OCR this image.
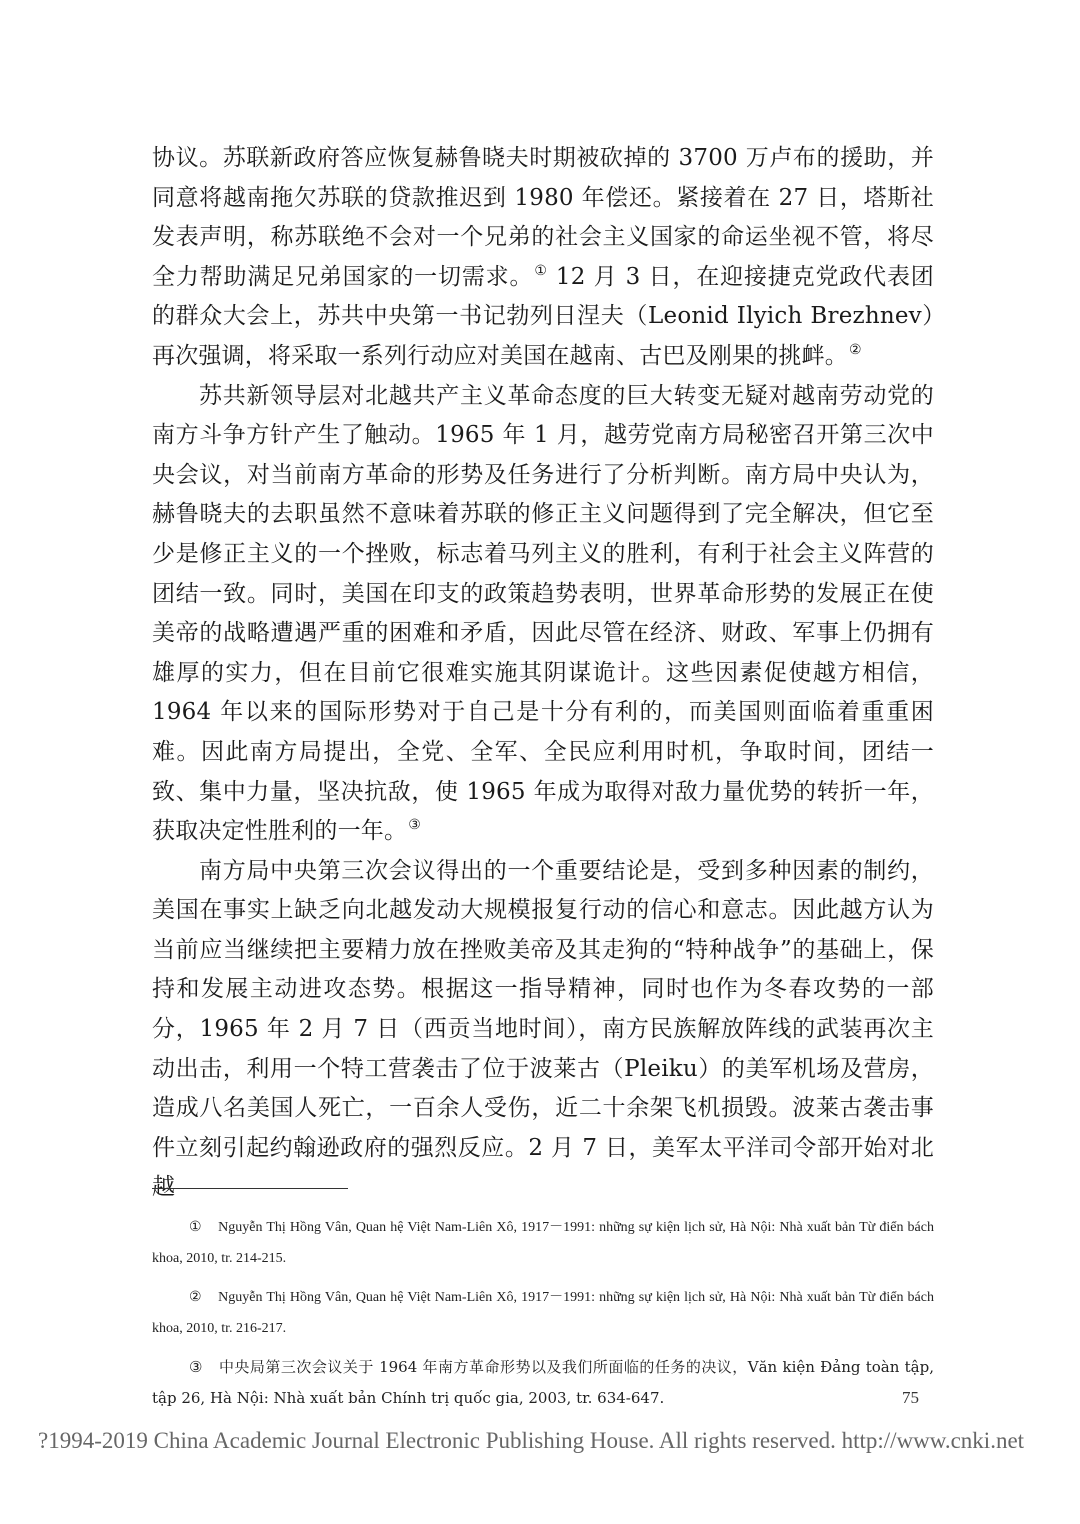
协议。苏联新政府答应恢复赫鲁晓夫时期被砍掉的 3700 万卢布的援助，并同意将越南拖欠苏联的贷款推迟到 1980 年偿还。紧接着在 27 日，塔斯社发表声明，称苏联绝不会对一个兄弟的社会主义国家的命运坐视不管，将尽全力帮助满足兄弟国家的一切需求。① 12 月 3 日，在迎接捷克党政代表团的群众大会上，苏共中央第一书记勃列日涅夫（Leonid Ilyich Brezhnev）再次强调，将采取一系列行动应对美国在越南、古巴及刚果的挑衅。②

苏共新领导层对北越共产主义革命态度的巨大转变无疑对越南劳动党的南方斗争方针产生了触动。1965 年 1 月，越劳党南方局秘密召开第三次中央会议，对当前南方革命的形势及任务进行了分析判断。南方局中央认为，赫鲁晓夫的去职虽然不意味着苏联的修正主义问题得到了完全解决，但它至少是修正主义的一个挫败，标志着马列主义的胜利，有利于社会主义阵营的团结一致。同时，美国在印支的政策趋势表明，世界革命形势的发展正在使美帝的战略遭遇严重的困难和矛盾，因此尽管在经济、财政、军事上仍拥有雄厚的实力，但在目前它很难实施其阴谋诡计。这些因素促使越方相信，1964 年以来的国际形势对于自己是十分有利的，而美国则面临着重重困难。因此南方局提出，全党、全军、全民应利用时机，争取时间，团结一致、集中力量，坚决抗敌，使 1965 年成为取得对敌力量优势的转折一年，获取决定性胜利的一年。③

南方局中央第三次会议得出的一个重要结论是，受到多种因素的制约，美国在事实上缺乏向北越发动大规模报复行动的信心和意志。因此越方认为当前应当继续把主要精力放在挫败美帝及其走狗的“特种战争”的基础上，保持和发展主动进攻态势。根据这一指导精神，同时也作为冬春攻势的一部分，1965 年 2 月 7 日（西贡当地时间），南方民族解放阵线的武装再次主动出击，利用一个特工营袭击了位于波莱古（Pleiku）的美军机场及营房，造成八名美国人死亡，一百余人受伤，近二十余架飞机损毁。波莱古袭击事件立刻引起约翰逊政府的强烈反应。2 月 7 日，美军太平洋司令部开始对北越

① Nguyễn Thị Hồng Vân, Quan hệ Việt Nam-Liên Xô, 1917－1991: những sự kiện lịch sử, Hà Nội: Nhà xuất bản Từ điển bách khoa, 2010, tr. 214-215.

② Nguyễn Thị Hồng Vân, Quan hệ Việt Nam-Liên Xô, 1917－1991: những sự kiện lịch sử, Hà Nội: Nhà xuất bản Từ điển bách khoa, 2010, tr. 216-217.

③ 中央局第三次会议关于 1964 年南方革命形势以及我们所面临的任务的决议，Văn kiện Đảng toàn tập, tập 26, Hà Nội: Nhà xuất bản Chính trị quốc gia, 2003, tr. 634-647.	75
?1994-2019 China Academic Journal Electronic Publishing House. All rights reserved. http://www.cnki.net
